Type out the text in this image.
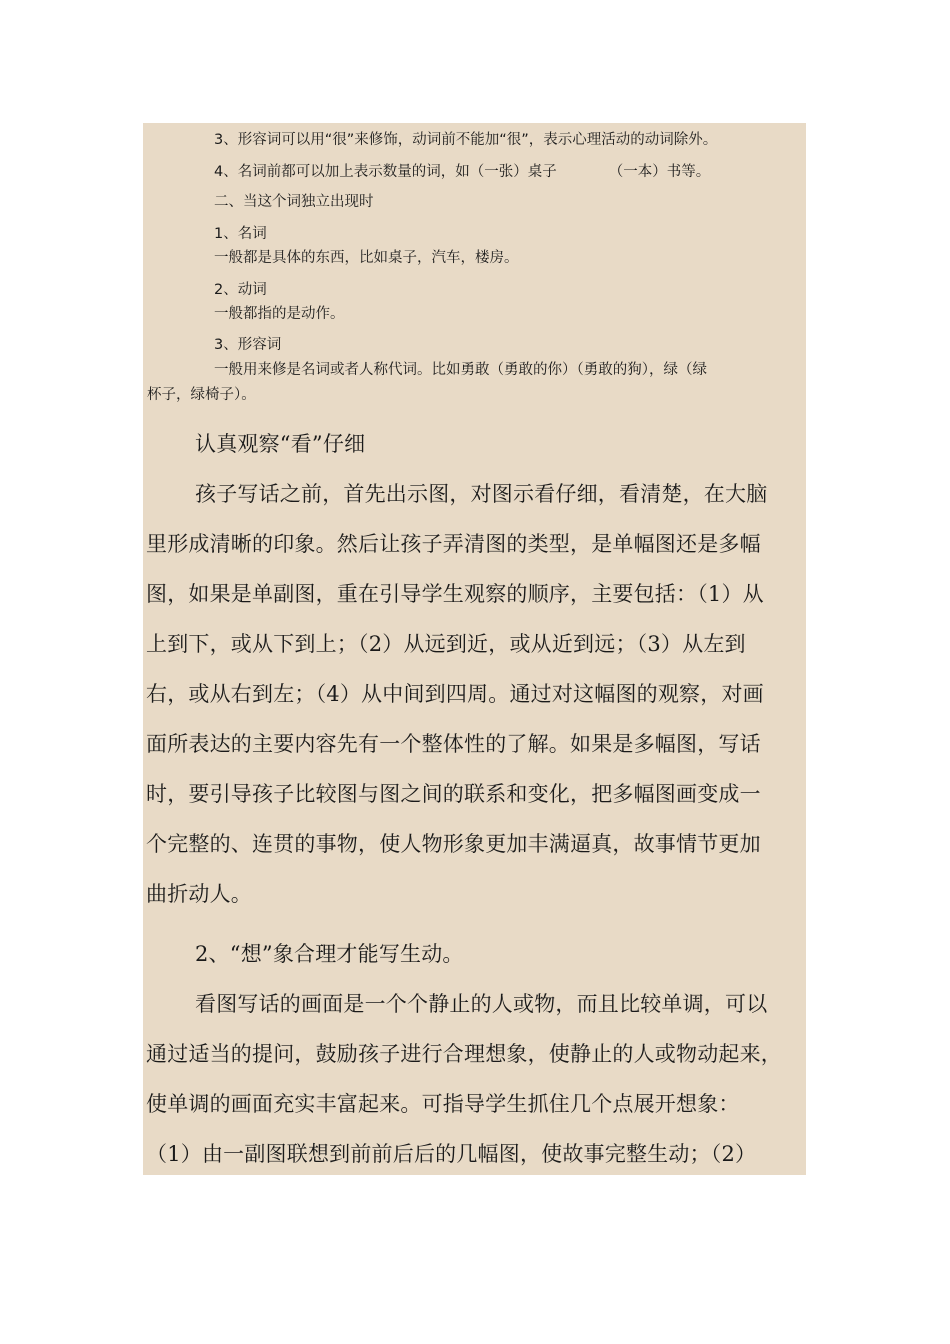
3、形容词可以用“很”来修饰，动词前不能加“很”，表示心理活动的动词除外。
4、名词前都可以加上表示数量的词，如（一张）桌子	（一本）书等。
二、当这个词独立出现时
1、名词
一般都是具体的东西，比如桌子，汽车，楼房。
2、动词
一般都指的是动作。
3、形容词
一般用来修是名词或者人称代词。比如勇敢（勇敢的你）（勇敢的狗），绿（绿
杯子，绿椅子）。
认真观察“看”仔细
孩子写话之前，首先出示图，对图示看仔细，看清楚，在大脑
里形成清晰的印象。然后让孩子弄清图的类型，是单幅图还是多幅
图，如果是单副图，重在引导学生观察的顺序，主要包括：（1）从
上到下，或从下到上；（2）从远到近，或从近到远；（3）从左到
右，或从右到左；（4）从中间到四周。通过对这幅图的观察，对画
面所表达的主要内容先有一个整体性的了解。如果是多幅图，写话
时，要引导孩子比较图与图之间的联系和变化，把多幅图画变成一
个完整的、连贯的事物，使人物形象更加丰满逼真，故事情节更加
曲折动人。
2、“想”象合理才能写生动。
看图写话的画面是一个个静止的人或物，而且比较单调，可以
通过适当的提问，鼓励孩子进行合理想象，使静止的人或物动起来，
使单调的画面充实丰富起来。可指导学生抓住几个点展开想象：
（1）由一副图联想到前前后后的几幅图，使故事完整生动；（2）
